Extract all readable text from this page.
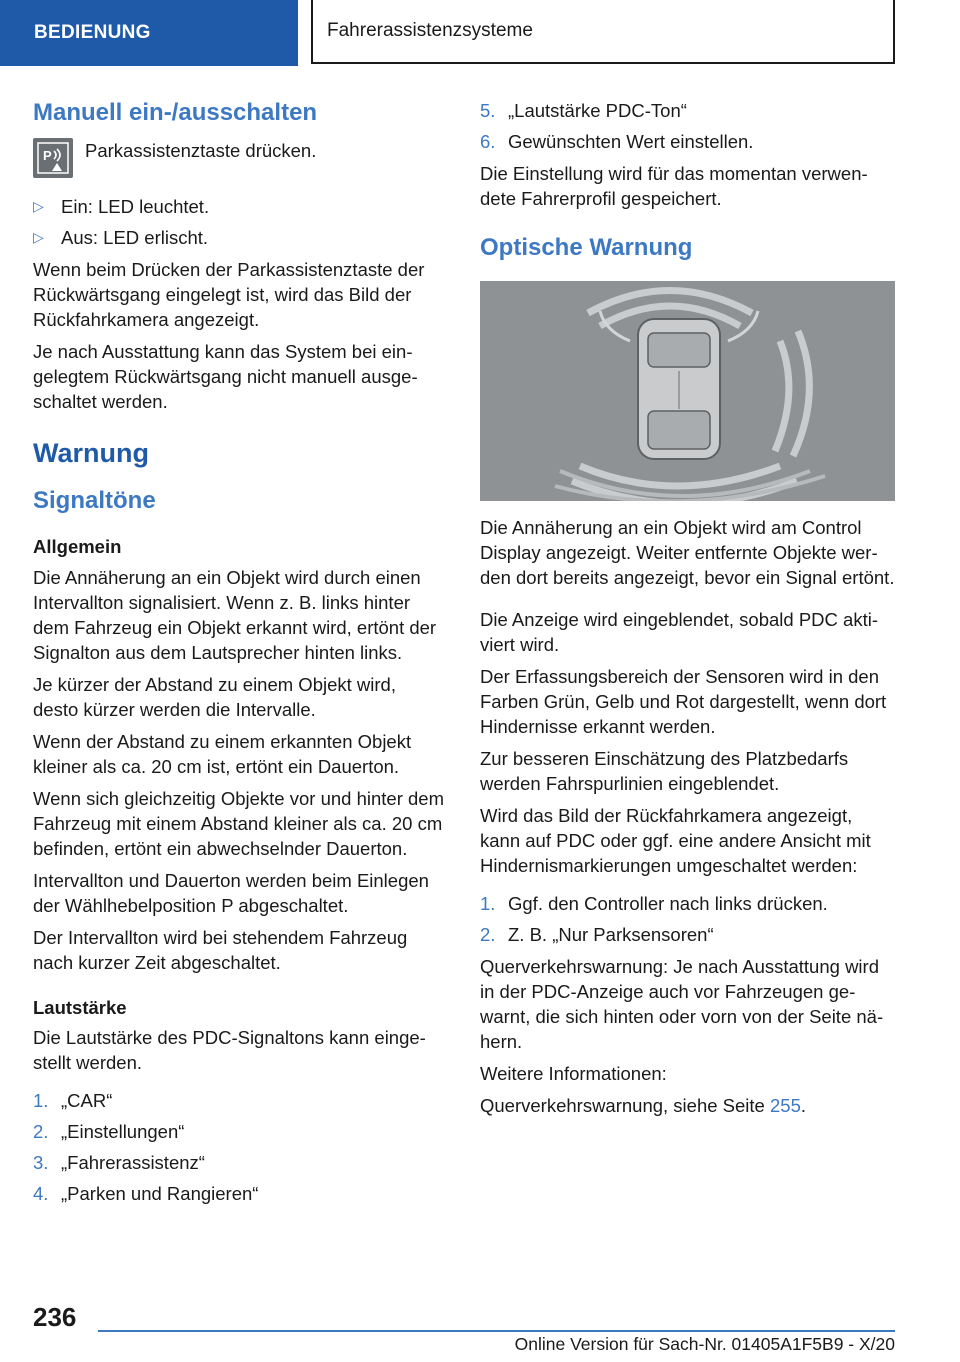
BEDIENUNG	Fahrerassistenzsysteme
Manuell ein-/ausschalten
P Parkassistenztaste drücken.
▷ Ein: LED leuchtet.
▷ Aus: LED erlischt.

Wenn beim Drücken der Parkassistenztaste der Rückwärtsgang eingelegt ist, wird das Bild der Rückfahrkamera angezeigt.

Je nach Ausstattung kann das System bei eingelegtem Rückwärtsgang nicht manuell ausgeschaltet werden.

Warnung
Signaltöne
Allgemein

Die Annäherung an ein Objekt wird durch einen Intervallton signalisiert. Wenn z. B. links hinter dem Fahrzeug ein Objekt erkannt wird, ertönt der Signalton aus dem Lautsprecher hinten links.

Je kürzer der Abstand zu einem Objekt wird, desto kürzer werden die Intervalle.

Wenn der Abstand zu einem erkannten Objekt kleiner als ca. 20 cm ist, ertönt ein Dauerton.

Wenn sich gleichzeitig Objekte vor und hinter dem Fahrzeug mit einem Abstand kleiner als ca. 20 cm befinden, ertönt ein abwechselnder Dauerton.

Intervallton und Dauerton werden beim Einlegen der Wählhebelposition P abgeschaltet.

Der Intervallton wird bei stehendem Fahrzeug nach kurzer Zeit abgeschaltet.

Lautstärke

Die Lautstärke des PDC-Signaltons kann eingestellt werden.

1. „CAR“
2. „Einstellungen“
3. „Fahrerassistenz“
4. „Parken und Rangieren“
5. „Lautstärke PDC-Ton“
6. Gewünschten Wert einstellen.

Die Einstellung wird für das momentan verwendete Fahrerprofil gespeichert.

Optische Warnung

Die Annäherung an ein Objekt wird am Control Display angezeigt. Weiter entfernte Objekte werden dort bereits angezeigt, bevor ein Signal ertönt.

Die Anzeige wird eingeblendet, sobald PDC aktiviert wird.

Der Erfassungsbereich der Sensoren wird in den Farben Grün, Gelb und Rot dargestellt, wenn dort Hindernisse erkannt werden.

Zur besseren Einschätzung des Platzbedarfs werden Fahrspurlinien eingeblendet.

Wird das Bild der Rückfahrkamera angezeigt, kann auf PDC oder ggf. eine andere Ansicht mit Hindernismarkierungen umgeschaltet werden:

1. Ggf. den Controller nach links drücken.
2. Z. B. „Nur Parksensoren“

Querverkehrswarnung: Je nach Ausstattung wird in der PDC-Anzeige auch vor Fahrzeugen gewarnt, die sich hinten oder vorn von der Seite nähern.

Weitere Informationen:

Querverkehrswarnung, siehe Seite 255.

236
Online Version für Sach-Nr. 01405A1F5B9 - X/20
